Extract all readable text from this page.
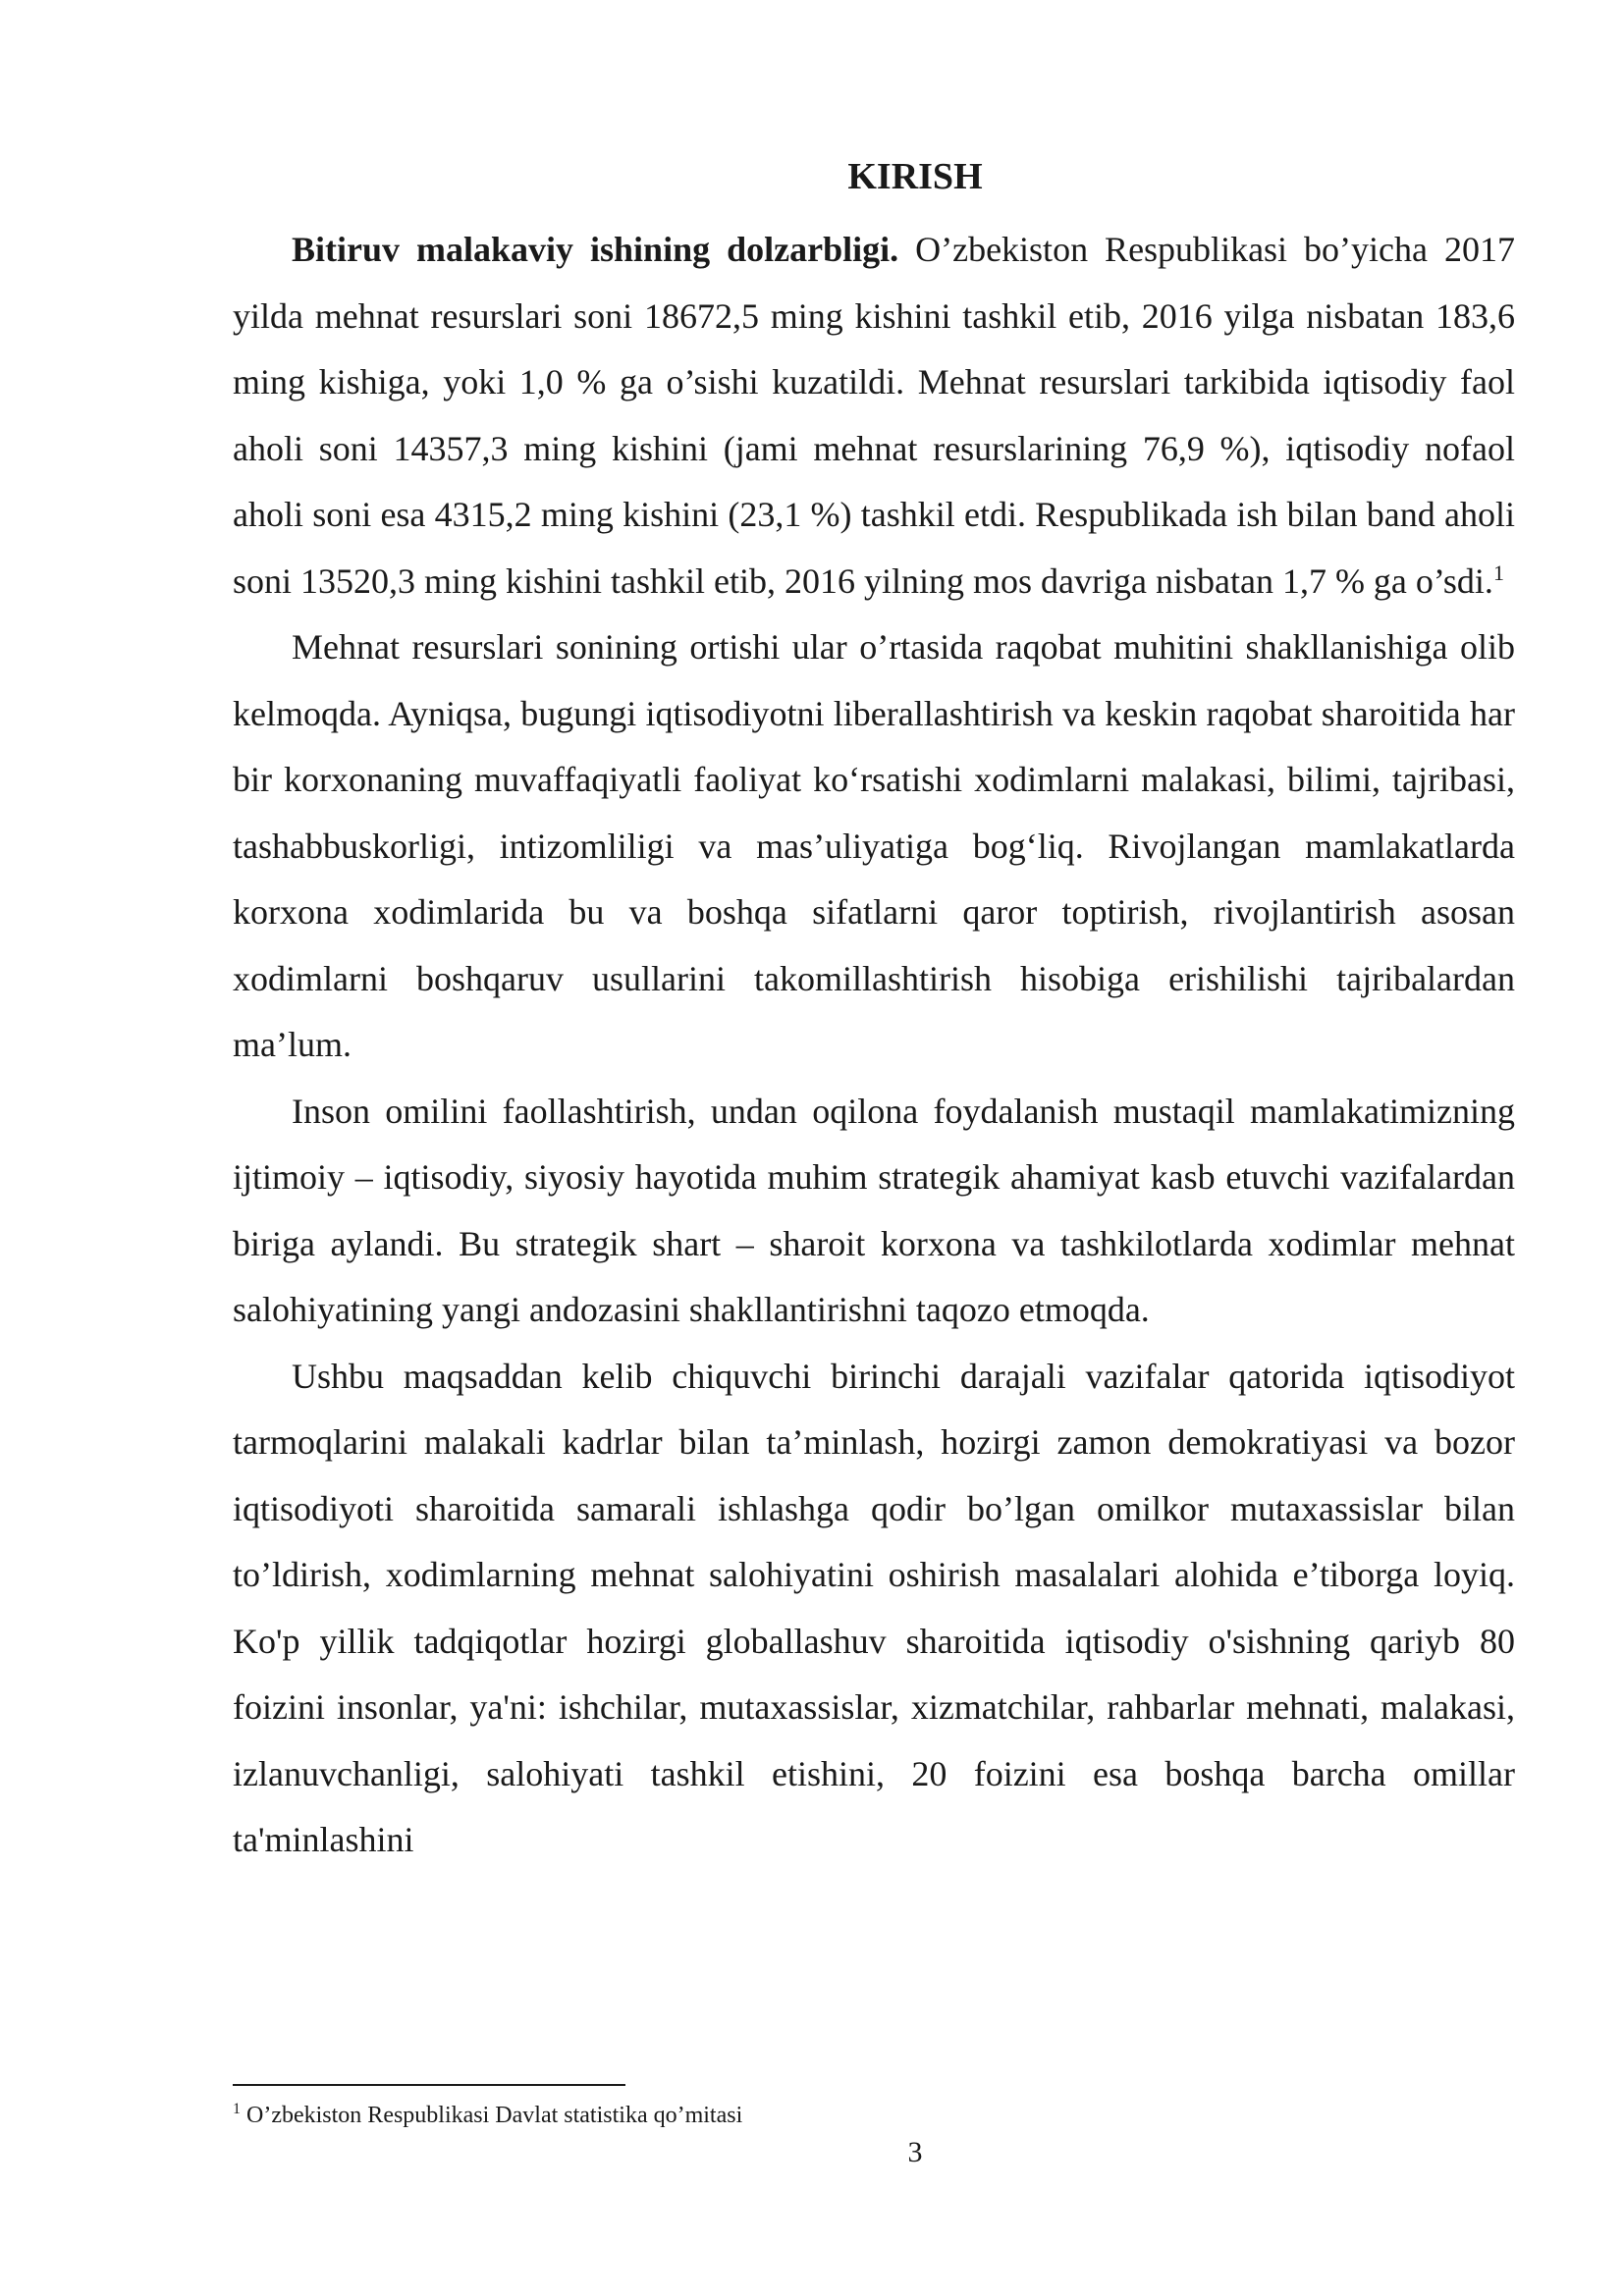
KIRISH

Bitiruv malakaviy ishining dolzarbligi. O’zbekiston Respublikasi bo’yicha 2017 yilda mehnat resurslari soni 18672,5 ming kishini tashkil etib, 2016 yilga nisbatan 183,6 ming kishiga, yoki 1,0 % ga o’sishi kuzatildi. Mehnat resurslari tarkibida iqtisodiy faol aholi soni 14357,3 ming kishini (jami mehnat resurslarining 76,9 %), iqtisodiy nofaol aholi soni esa 4315,2 ming kishini (23,1 %) tashkil etdi. Respublikada ish bilan band aholi soni 13520,3 ming kishini tashkil etib, 2016 yilning mos davriga nisbatan 1,7 % ga o’sdi.$^1$

Mehnat resurslari sonining ortishi ular o’rtasida raqobat muhitini shakllanishiga olib kelmoqda. Ayniqsa, bugungi iqtisodiyotni liberallashtirish va keskin raqobat sharoitida har bir korxonaning muvaffaqiyatli faoliyat ko‘rsatishi xodimlarni malakasi, bilimi, tajribasi, tashabbuskorligi, intizomliligi va mas’uliyatiga bog‘liq. Rivojlangan mamlakatlarda korxona xodimlarida bu va boshqa sifatlarni qaror toptirish, rivojlantirish asosan xodimlarni boshqaruv usullarini takomillashtirish hisobiga erishilishi tajribalardan ma’lum.

Inson omilini faollashtirish, undan oqilona foydalanish mustaqil mamlakatimizning ijtimoiy – iqtisodiy, siyosiy hayotida muhim strategik ahamiyat kasb etuvchi vazifalardan biriga aylandi. Bu strategik shart – sharoit korxona va tashkilotlarda xodimlar mehnat salohiyatining yangi andozasini shakllantirishni taqozo etmoqda.

Ushbu maqsaddan kelib chiquvchi birinchi darajali vazifalar qatorida iqtisodiyot tarmoqlarini malakali kadrlar bilan ta’minlash, hozirgi zamon demokratiyasi va bozor iqtisodiyoti sharoitida samarali ishlashga qodir bo’lgan omilkor mutaxassislar bilan to’ldirish, xodimlarning mehnat salohiyatini oshirish masalalari alohida e’tiborga loyiq. Ko'p yillik tadqiqotlar hozirgi globallashuv sharoitida iqtisodiy o'sishning qariyb 80 foizini insonlar, ya'ni: ishchilar, mutaxassislar, xizmatchilar, rahbarlar mehnati, malakasi, izlanuvchanligi, salohiyati tashkil etishini, 20 foizini esa boshqa barcha omillar ta'minlashini

$^1$ O’zbekiston Respublikasi Davlat statistika qo’mitasi

3
